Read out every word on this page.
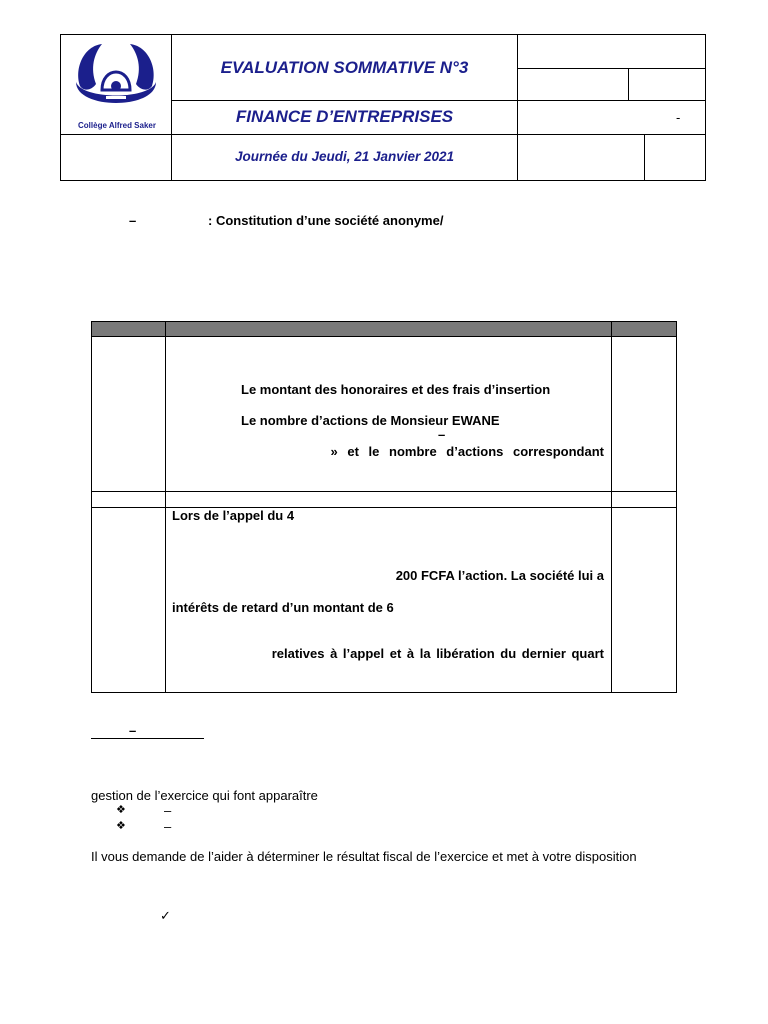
Collège Alfred Saker
EVALUATION SOMMATIVE N°3
FINANCE D’ENTREPRISES
Journée du Jeudi, 21 Janvier 2021
-
–	: Constitution d’une société anonyme/
Le montant des honoraires et des frais d’insertion
Le nombre d’actions de Monsieur EWANE
–
» et le nombre d’actions correspondant
Lors de l’appel du 4
200 FCFA l’action. La société lui a
intérêts de retard d’un montant de 6
relatives à l’appel et à la libération du dernier quart
–
gestion de l’exercice qui font apparaître
❖	–
❖	–
Il vous demande de l’aider à déterminer le résultat fiscal de l’exercice et met à votre disposition
✓
